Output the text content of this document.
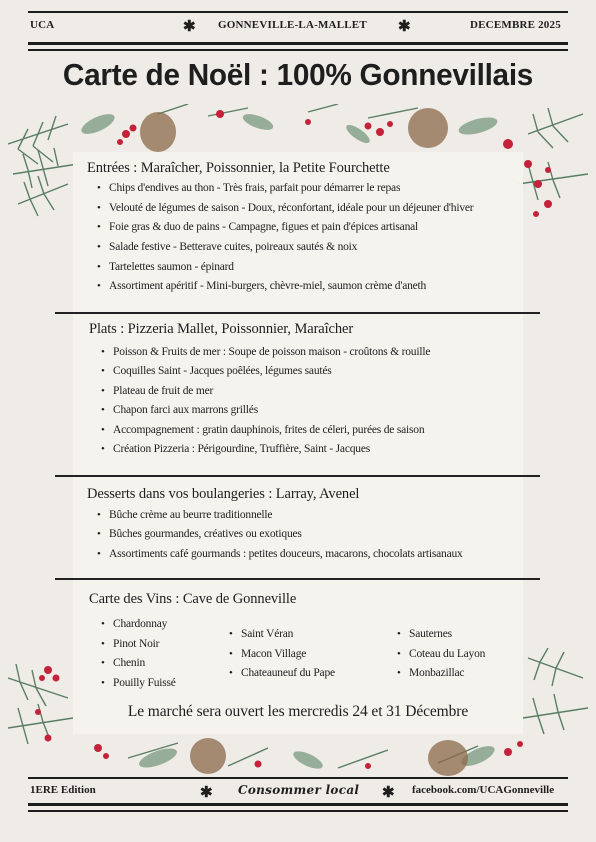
UCA	✱ GONNEVILLE-LA-MALLET ✱	DECEMBRE 2025
Carte de Noël : 100% Gonnevillais
Entrées : Maraîcher, Poissonnier, la Petite Fourchette
• Chips d'endives au thon - Très frais, parfait pour démarrer le repas
• Velouté de légumes de saison - Doux, réconfortant, idéale pour un déjeuner d'hiver
• Foie gras & duo de pains - Campagne, figues et pain d'épices artisanal
• Salade festive - Betterave cuites, poireaux sautés & noix
• Tartelettes saumon - épinard
• Assortiment apéritif - Mini-burgers, chèvre-miel, saumon crème d'aneth
Plats : Pizzeria Mallet, Poissonnier, Maraîcher
• Poisson & Fruits de mer : Soupe de poisson maison - croûtons & rouille
• Coquilles Saint - Jacques poêlées, légumes sautés
• Plateau de fruit de mer
• Chapon farci aux marrons grillés
• Accompagnement : gratin dauphinois, frites de céleri, purées de saison
• Création Pizzeria : Périgourdine, Truffière, Saint - Jacques
Desserts dans vos boulangeries : Larray, Avenel
• Bûche crème au beurre traditionnelle
• Bûches gourmandes, créatives ou exotiques
• Assortiments café gourmands : petites douceurs, macarons, chocolats artisanaux
Carte des Vins : Cave de Gonneville
• Chardonnay
• Pinot Noir
• Chenin
• Pouilly Fuissé
• Saint Véran
• Macon Village
• Chateauneuf du Pape
• Sauternes
• Coteau du Layon
• Monbazillac
Le marché sera ouvert les mercredis 24 et 31 Décembre
1ERE Edition	✱ Consommer local ✱ facebook.com/UCAGonneville
